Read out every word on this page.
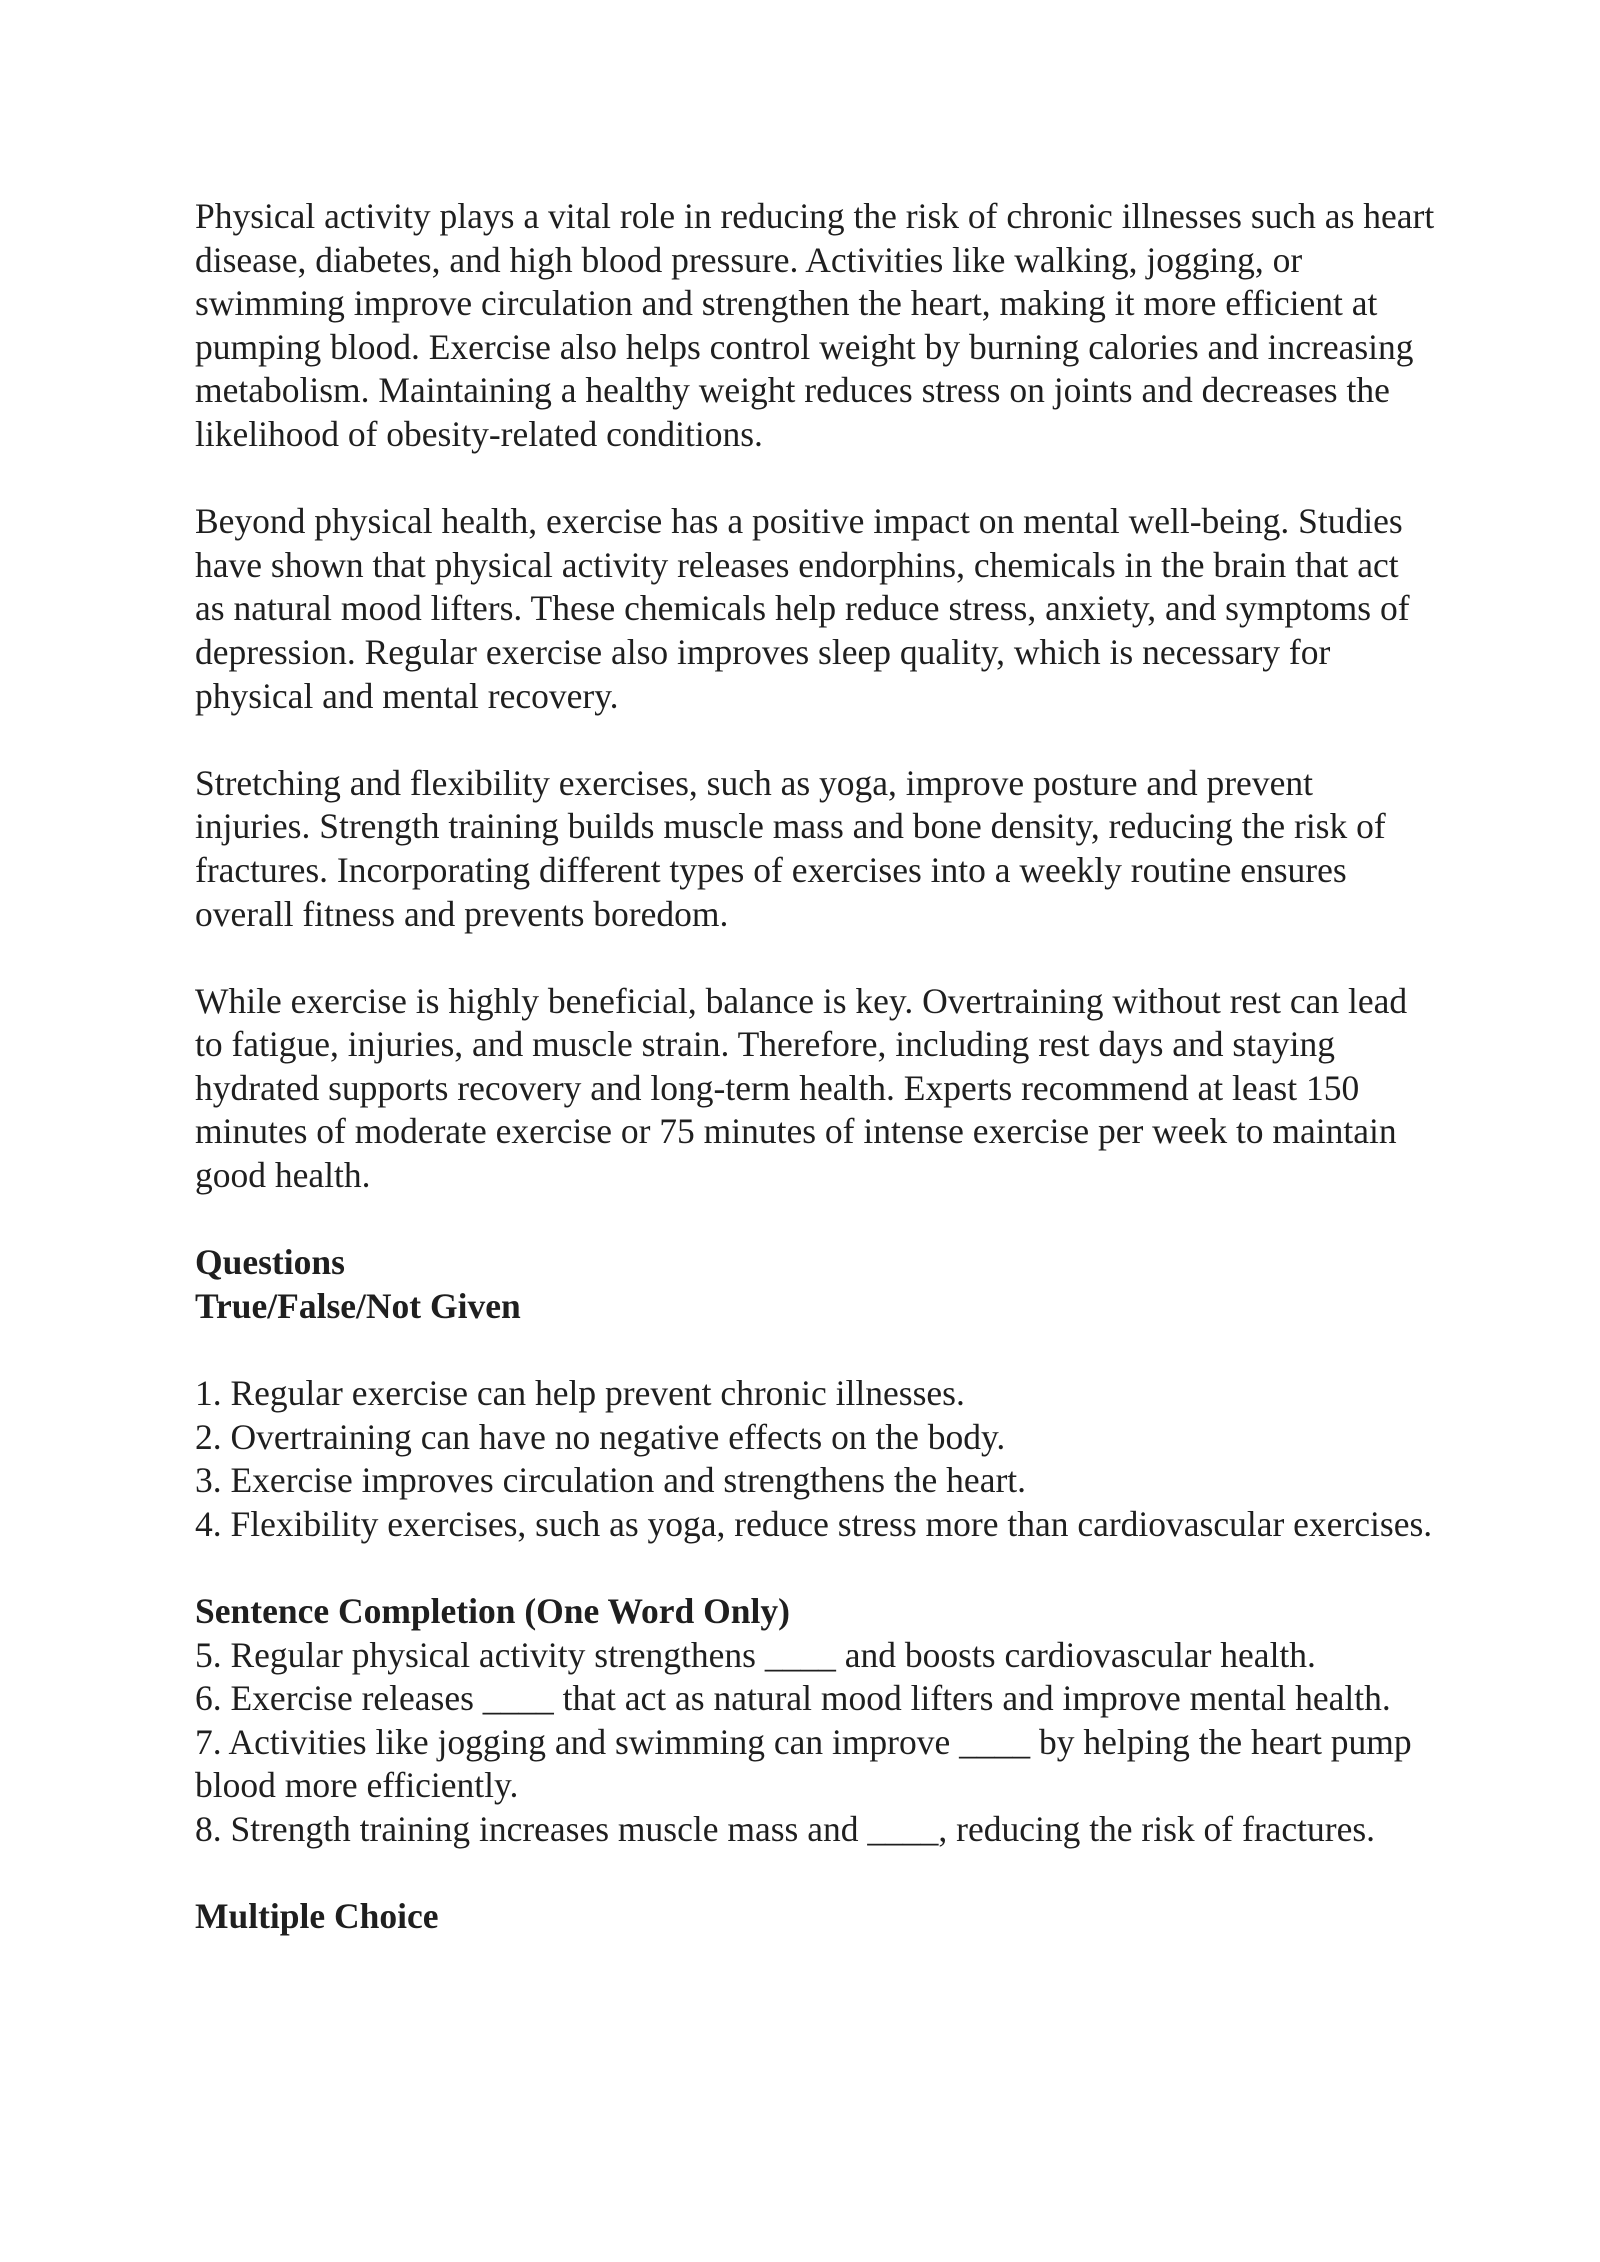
Physical activity plays a vital role in reducing the risk of chronic illnesses such as heart disease, diabetes, and high blood pressure. Activities like walking, jogging, or swimming improve circulation and strengthen the heart, making it more efficient at pumping blood. Exercise also helps control weight by burning calories and increasing metabolism. Maintaining a healthy weight reduces stress on joints and decreases the likelihood of obesity-related conditions.

Beyond physical health, exercise has a positive impact on mental well-being. Studies have shown that physical activity releases endorphins, chemicals in the brain that act as natural mood lifters. These chemicals help reduce stress, anxiety, and symptoms of depression. Regular exercise also improves sleep quality, which is necessary for physical and mental recovery.

Stretching and flexibility exercises, such as yoga, improve posture and prevent injuries. Strength training builds muscle mass and bone density, reducing the risk of fractures. Incorporating different types of exercises into a weekly routine ensures overall fitness and prevents boredom.

While exercise is highly beneficial, balance is key. Overtraining without rest can lead to fatigue, injuries, and muscle strain. Therefore, including rest days and staying hydrated supports recovery and long-term health. Experts recommend at least 150 minutes of moderate exercise or 75 minutes of intense exercise per week to maintain good health.

Questions

True/False/Not Given

1. Regular exercise can help prevent chronic illnesses.

2. Overtraining can have no negative effects on the body.

3. Exercise improves circulation and strengthens the heart.

4. Flexibility exercises, such as yoga, reduce stress more than cardiovascular exercises.

Sentence Completion (One Word Only)

5. Regular physical activity strengthens ____ and boosts cardiovascular health.

6. Exercise releases ____ that act as natural mood lifters and improve mental health.

7. Activities like jogging and swimming can improve ____ by helping the heart pump blood more efficiently.

8. Strength training increases muscle mass and ____, reducing the risk of fractures.

Multiple Choice
